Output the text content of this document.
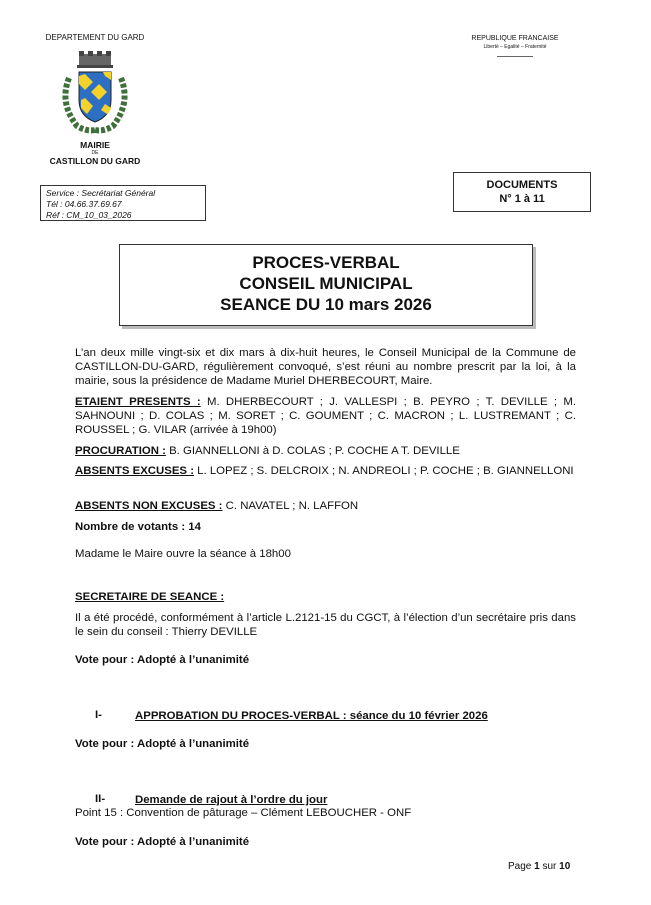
DEPARTEMENT DU GARD
MAIRIE
DE
CASTILLON DU GARD
REPUBLIQUE FRANCAISE
Liberté – Egalité – Fraternité
Service : Secrétariat Général
Tél : 04.66.37.69.67
Réf : CM_10_03_2026
DOCUMENTS
N° 1 à 11
PROCES-VERBAL
CONSEIL MUNICIPAL
SEANCE DU 10 mars 2026
L’an deux mille vingt-six et dix mars à dix-huit heures, le Conseil Municipal de la Commune de CASTILLON-DU-GARD, régulièrement convoqué, s’est réuni au nombre prescrit par la loi, à la mairie, sous la présidence de Madame Muriel DHERBECOURT, Maire.
ETAIENT PRESENTS : M. DHERBECOURT ; J. VALLESPI ; B. PEYRO ; T. DEVILLE ; M. SAHNOUNI ; D. COLAS ; M. SORET ; C. GOUMENT ; C. MACRON ; L. LUSTREMANT ; C. ROUSSEL ; G. VILAR (arrivée à 19h00)
PROCURATION : B. GIANNELLONI à D. COLAS ; P. COCHE A T. DEVILLE
ABSENTS EXCUSES : L. LOPEZ ; S. DELCROIX ; N. ANDREOLI ; P. COCHE ; B. GIANNELLONI
ABSENTS NON EXCUSES : C. NAVATEL ; N. LAFFON
Nombre de votants : 14
Madame le Maire ouvre la séance à 18h00
SECRETAIRE DE SEANCE :
Il a été procédé, conformément à l’article L.2121-15 du CGCT, à l’élection d’un secrétaire pris dans le sein du conseil : Thierry DEVILLE
Vote pour : Adopté à l’unanimité
I-	APPROBATION DU PROCES-VERBAL : séance du 10 février 2026
Vote pour : Adopté à l’unanimité
II-	Demande de rajout à l’ordre du jour
Point 15 : Convention de pâturage – Clément LEBOUCHER - ONF
Vote pour : Adopté à l’unanimité
Page 1 sur 10
